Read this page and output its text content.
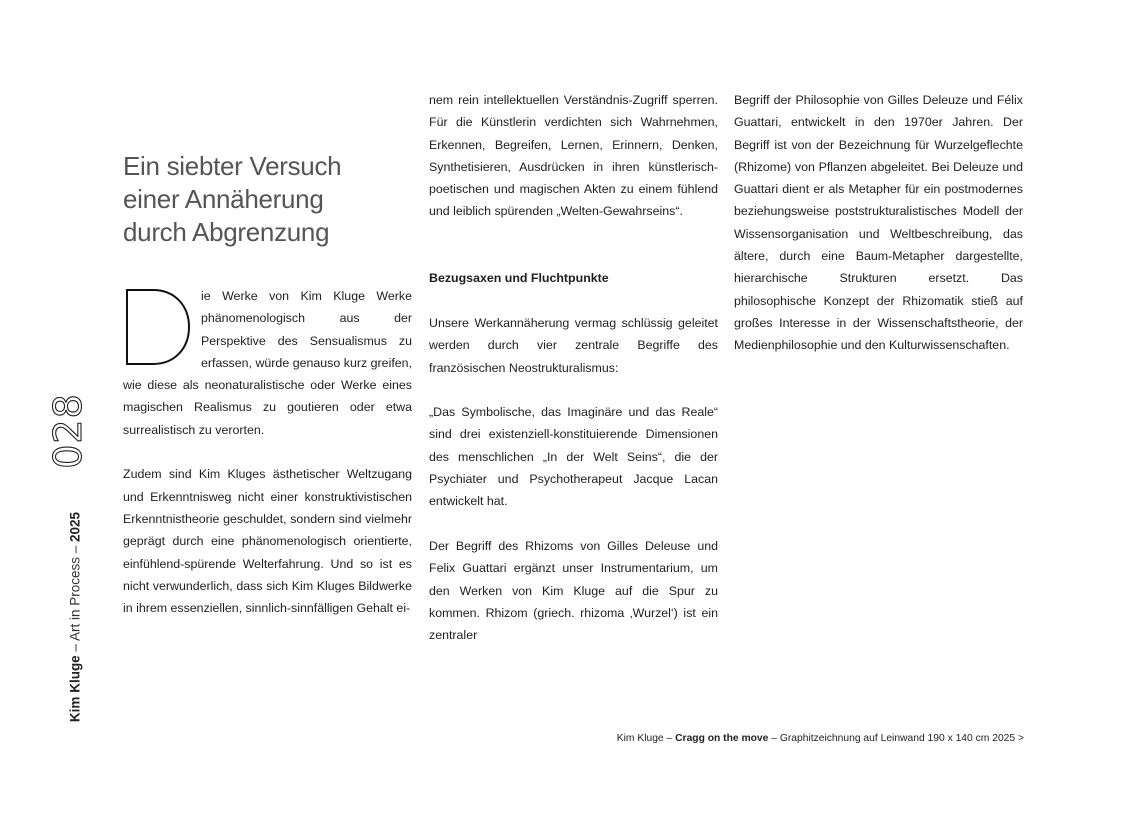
028
Kim Kluge – Art in Process – 2025
Ein siebter Versuch
einer Annäherung
durch Abgrenzung

ie Werke von Kim Kluge Werke phänomenologisch aus der Perspektive des Sensualismus zu erfassen, würde genauso kurz greifen, wie diese als neonaturalistische oder Werke eines magischen Realismus zu goutieren oder etwa surrealistisch zu verorten.

Zudem sind Kim Kluges ästhetischer Weltzugang und Erkenntnisweg nicht einer konstruktivistischen Erkenntnistheorie geschuldet, sondern sind vielmehr geprägt durch eine phänomenologisch orientierte, einfühlend-spürende Welterfahrung. Und so ist es nicht verwunderlich, dass sich Kim Kluges Bildwerke in ihrem essenziellen, sinnlich-sinnfälligen Gehalt ei-

nem rein intellektuellen Verständnis-Zugriff sperren. Für die Künstlerin verdichten sich Wahrnehmen, Erkennen, Begreifen, Lernen, Erinnern, Denken, Synthetisieren, Ausdrücken in ihren künstlerisch-poetischen und magischen Akten zu einem fühlend und leiblich spürenden „Welten-Gewahrseins“.

Bezugsaxen und Fluchtpunkte

Unsere Werkannäherung vermag schlüssig geleitet werden durch vier zentrale Begriffe des französischen Neostrukturalismus:

„Das Symbolische, das Imaginäre und das Reale“ sind drei existenziell-konstituierende Dimensionen des menschlichen „In der Welt Seins“, die der Psychiater und Psychotherapeut Jacque Lacan entwickelt hat.

Der Begriff des Rhizoms von Gilles Deleuse und Felix Guattari ergänzt unser Instrumentarium, um den Werken von Kim Kluge auf die Spur zu kommen. Rhizom (griech. rhizoma ‚Wurzel‘) ist ein zentraler

Begriff der Philosophie von Gilles Deleuze und Félix Guattari, entwickelt in den 1970er Jahren. Der Begriff ist von der Bezeichnung für Wurzelgeflechte (Rhizome) von Pflanzen abgeleitet. Bei Deleuze und Guattari dient er als Metapher für ein postmodernes beziehungsweise poststrukturalistisches Modell der Wissensorganisation und Weltbeschreibung, das ältere, durch eine Baum-Metapher dargestellte, hierarchische Strukturen ersetzt. Das philosophische Konzept der Rhizomatik stieß auf großes Interesse in der Wissenschaftstheorie, der Medienphilosophie und den Kulturwissenschaften.

Kim Kluge – Cragg on the move – Graphitzeichnung auf Leinwand 190 x 140 cm 2025 >
